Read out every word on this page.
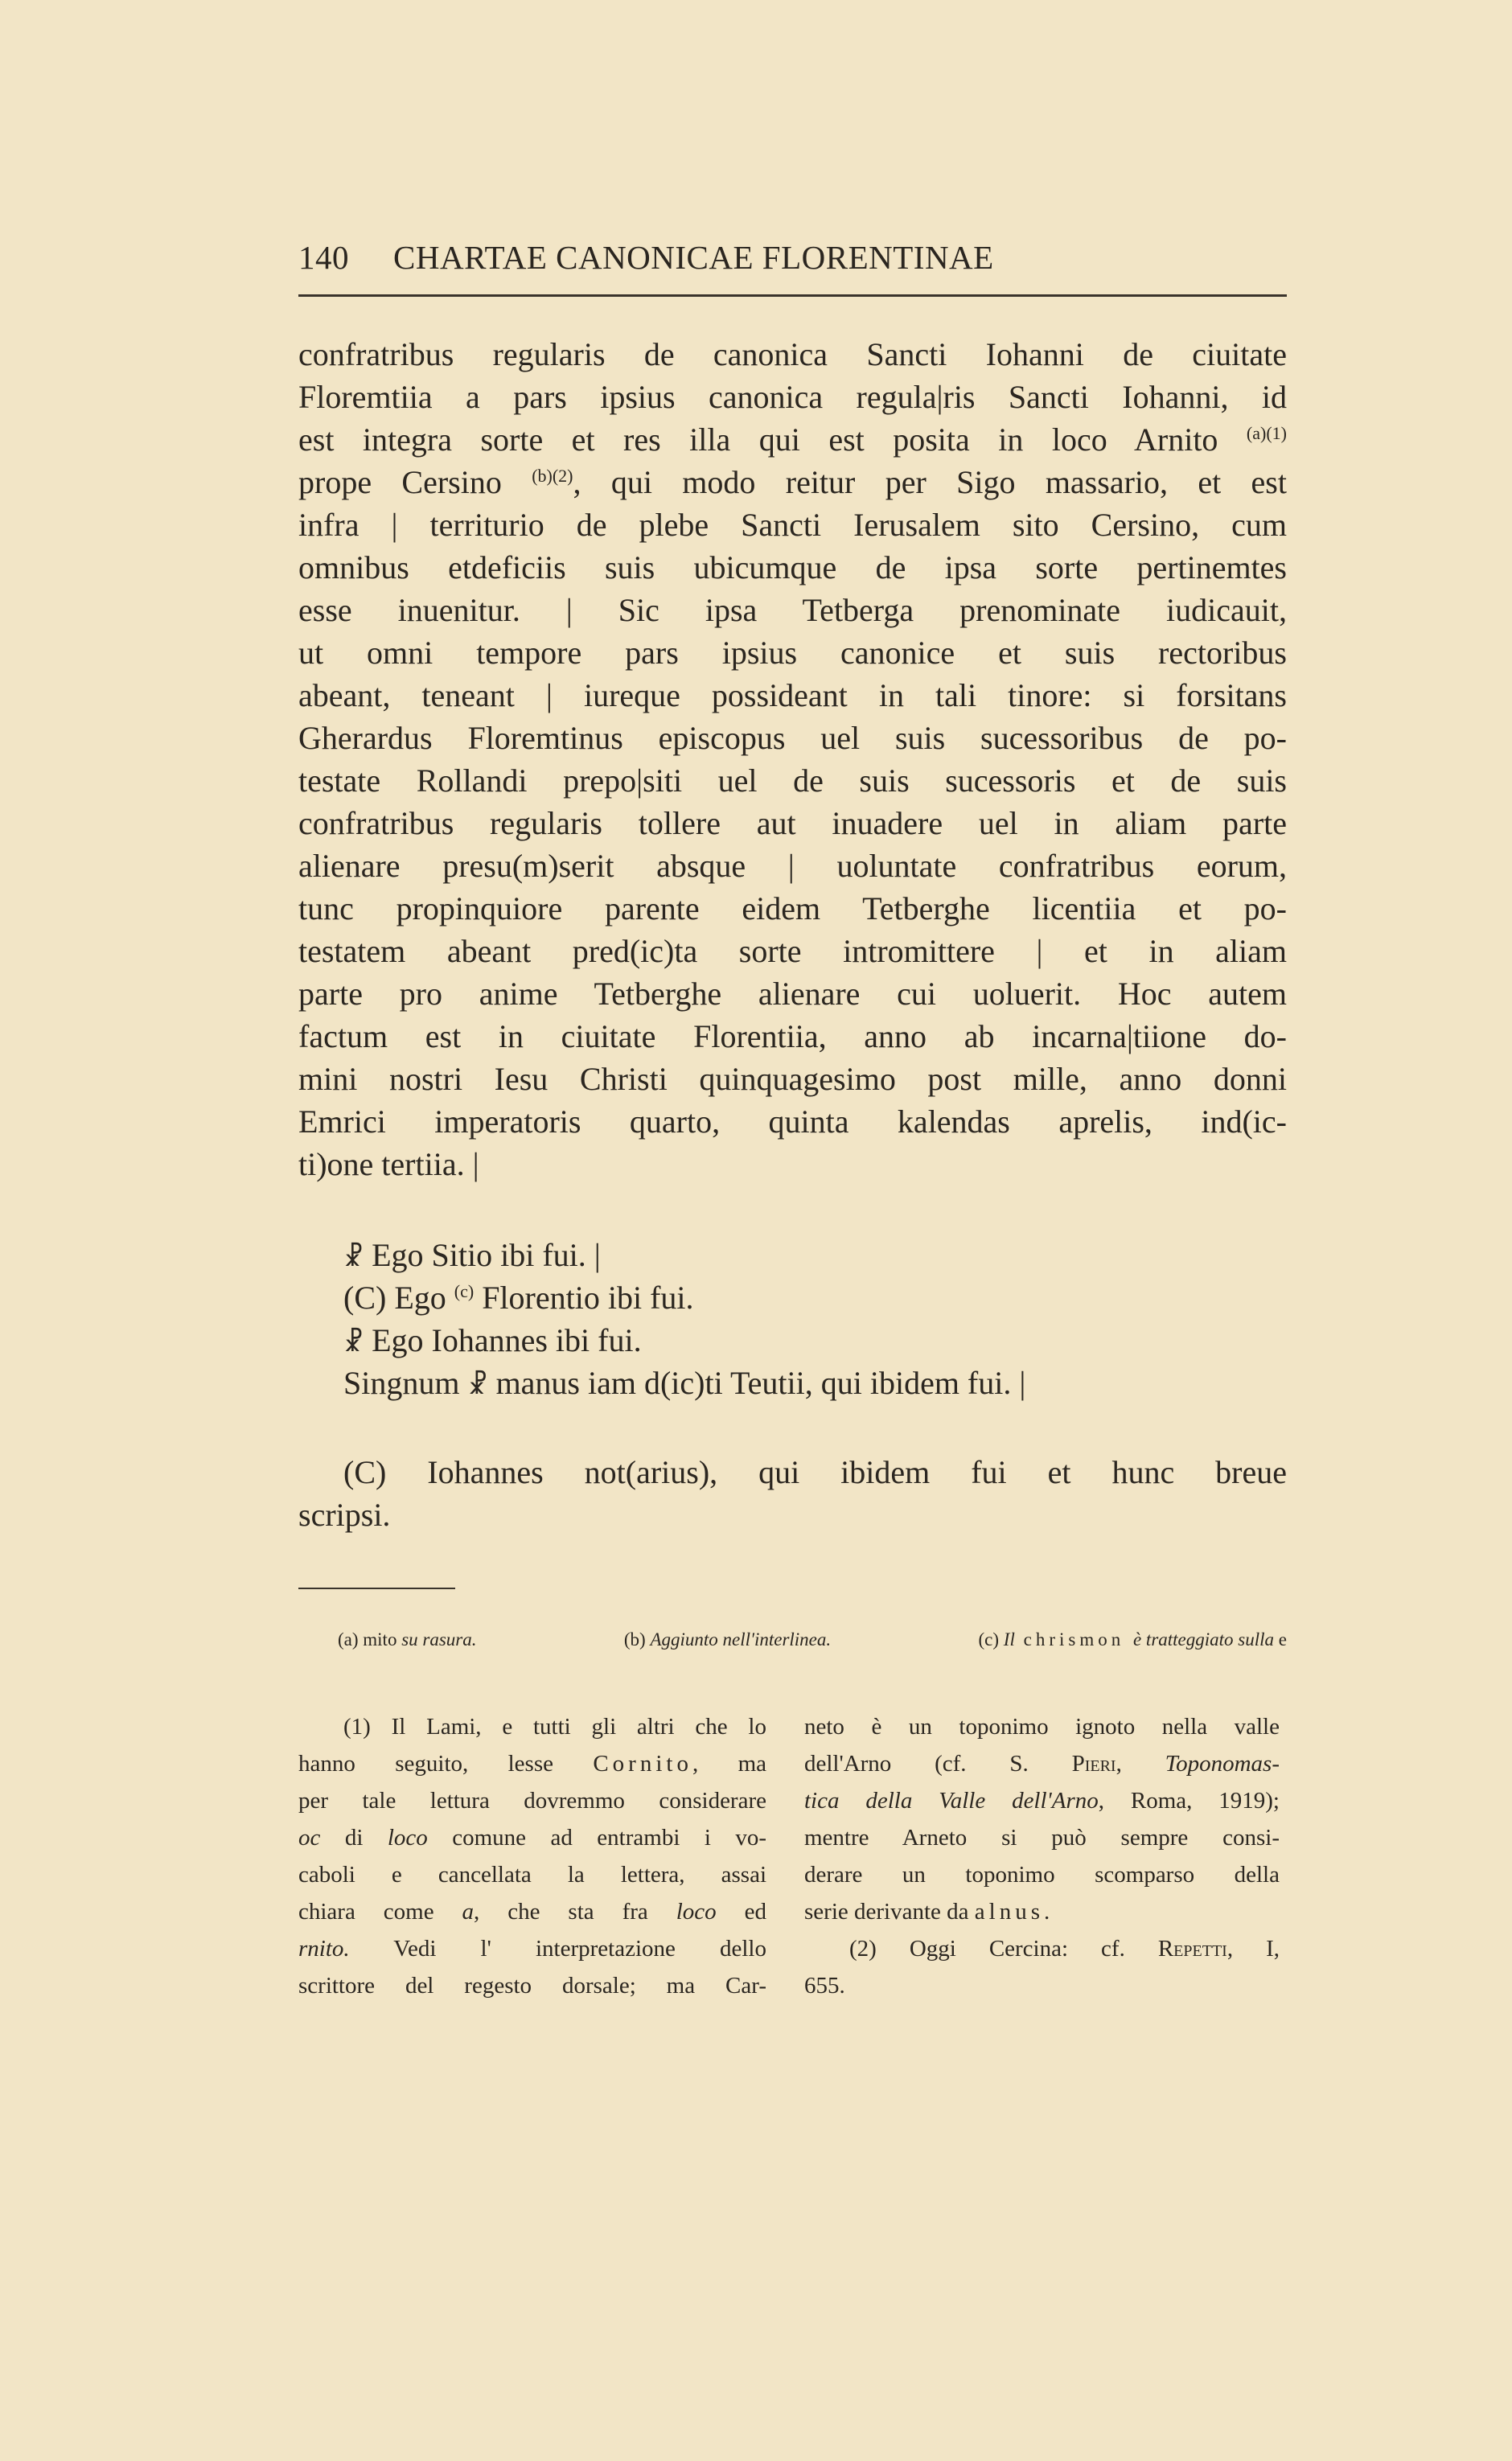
140 CHARTAE CANONICAE FLORENTINAE
confratribus regularis de canonica Sancti Iohanni de ciuitate
Floremtiia a pars ipsius canonica regula|ris Sancti Iohanni, id
est integra sorte et res illa qui est posita in loco Arnito $^{(a)(1)}$
prope Cersino $^{(b)(2)}$, qui modo reitur per Sigo massario, et est
infra | territurio de plebe Sancti Ierusalem sito Cersino, cum
omnibus etdeficiis suis ubicumque de ipsa sorte pertinemtes
esse inuenitur. | Sic ipsa Tetberga prenominate iudicauit,
ut omni tempore pars ipsius canonice et suis rectoribus
abeant, teneant | iureque possideant in tali tinore: si forsitans
Gherardus Floremtinus episcopus uel suis sucessoribus de po-
testate Rollandi prepo|siti uel de suis sucessoris et de suis
confratribus regularis tollere aut inuadere uel in aliam parte
alienare presu(m)serit absque | uoluntate confratribus eorum,
tunc propinquiore parente eidem Tetberghe licentiia et po-
testatem abeant pred(ic)ta sorte intromittere | et in aliam
parte pro anime Tetberghe alienare cui uoluerit. Hoc autem
factum est in ciuitate Florentiia, anno ab incarna|tiione do-
mini nostri Iesu Christi quinquagesimo post mille, anno donni
Emrici imperatoris quarto, quinta kalendas aprelis, ind(ic-
ti)one tertiia. |
☧ Ego Sitio ibi fui. |
(C) Ego $^{(c)}$ Florentio ibi fui.
☧ Ego Iohannes ibi fui.
Singnum ☧ manus iam d(ic)ti Teutii, qui ibidem fui. |
(C) Iohannes not(arius), qui ibidem fui et hunc breue
scripsi.
(a) mito su rasura.	(b) Aggiunto nell'interlinea.	(c) Il chrismon è tratteggiato sulla e
(1) Il Lami, e tutti gli altri che lo
hanno seguito, lesse Cornito, ma
per tale lettura dovremmo considerare
oc di loco comune ad entrambi i vo-
caboli e cancellata la lettera, assai
chiara come a, che sta fra loco ed
rnito. Vedi l' interpretazione dello
scrittore del regesto dorsale; ma Car-
neto è un toponimo ignoto nella valle
dell'Arno (cf. S. Pieri, Toponomas-
tica della Valle dell'Arno, Roma, 1919);
mentre Arneto si può sempre consi-
derare un toponimo scomparso della
serie derivante da alnus.
(2) Oggi Cercina: cf. Repetti, I,
655.
